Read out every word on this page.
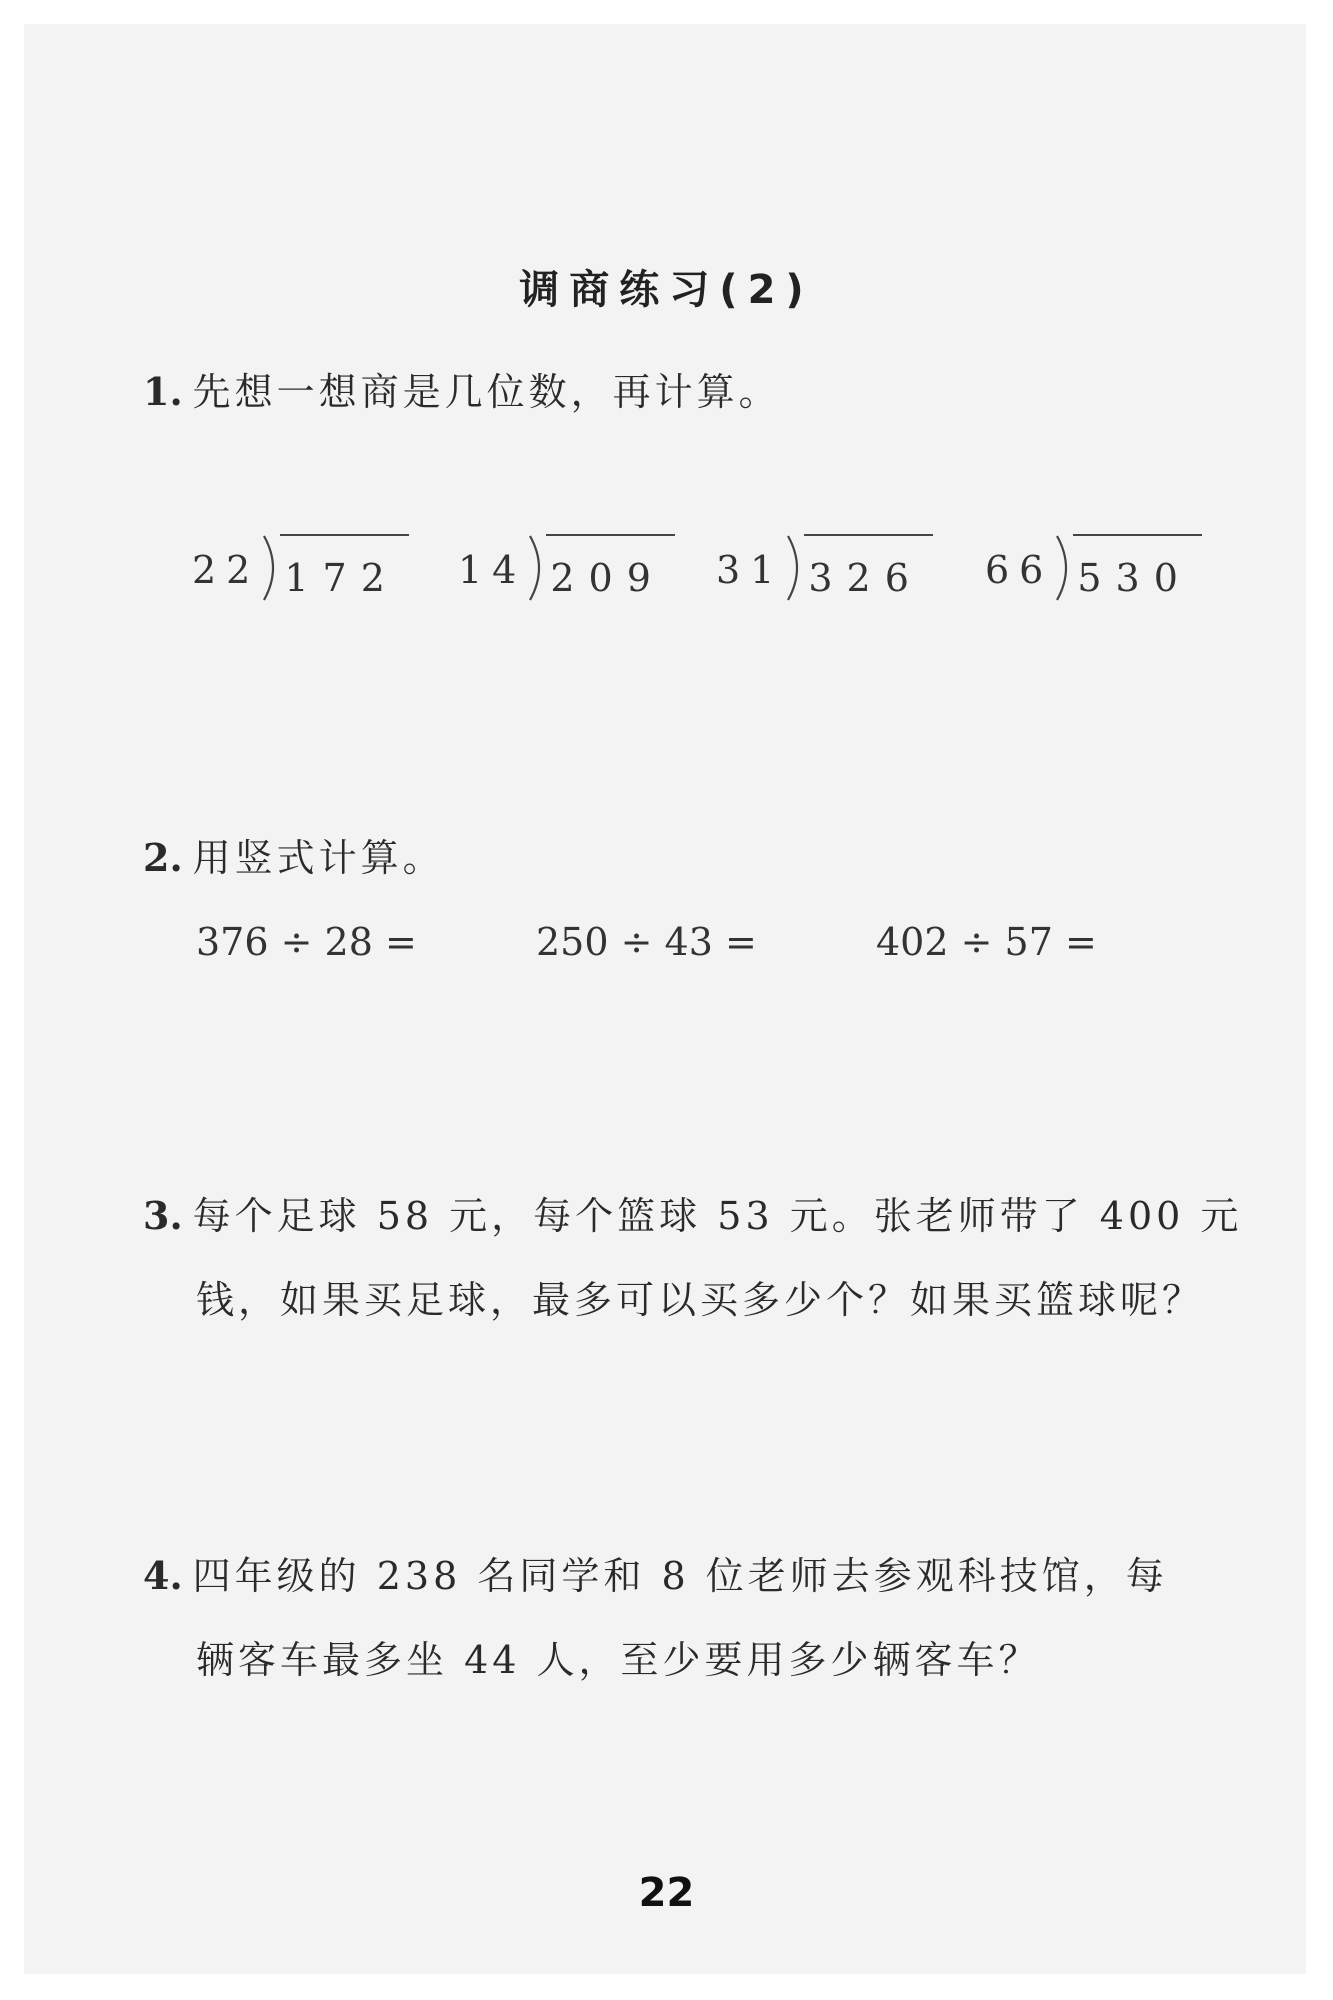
调商练习(2)
1. 先想一想商是几位数，再计算。
22 172 14 209 31 326 66 530
2. 用竖式计算。
376 ÷ 28 =	250 ÷ 43 =	402 ÷ 57 =
3. 每个足球 58 元，每个篮球 53 元。张老师带了 400 元
钱，如果买足球，最多可以买多少个？如果买篮球呢？
4. 四年级的 238 名同学和 8 位老师去参观科技馆，每
辆客车最多坐 44 人，至少要用多少辆客车？
22
